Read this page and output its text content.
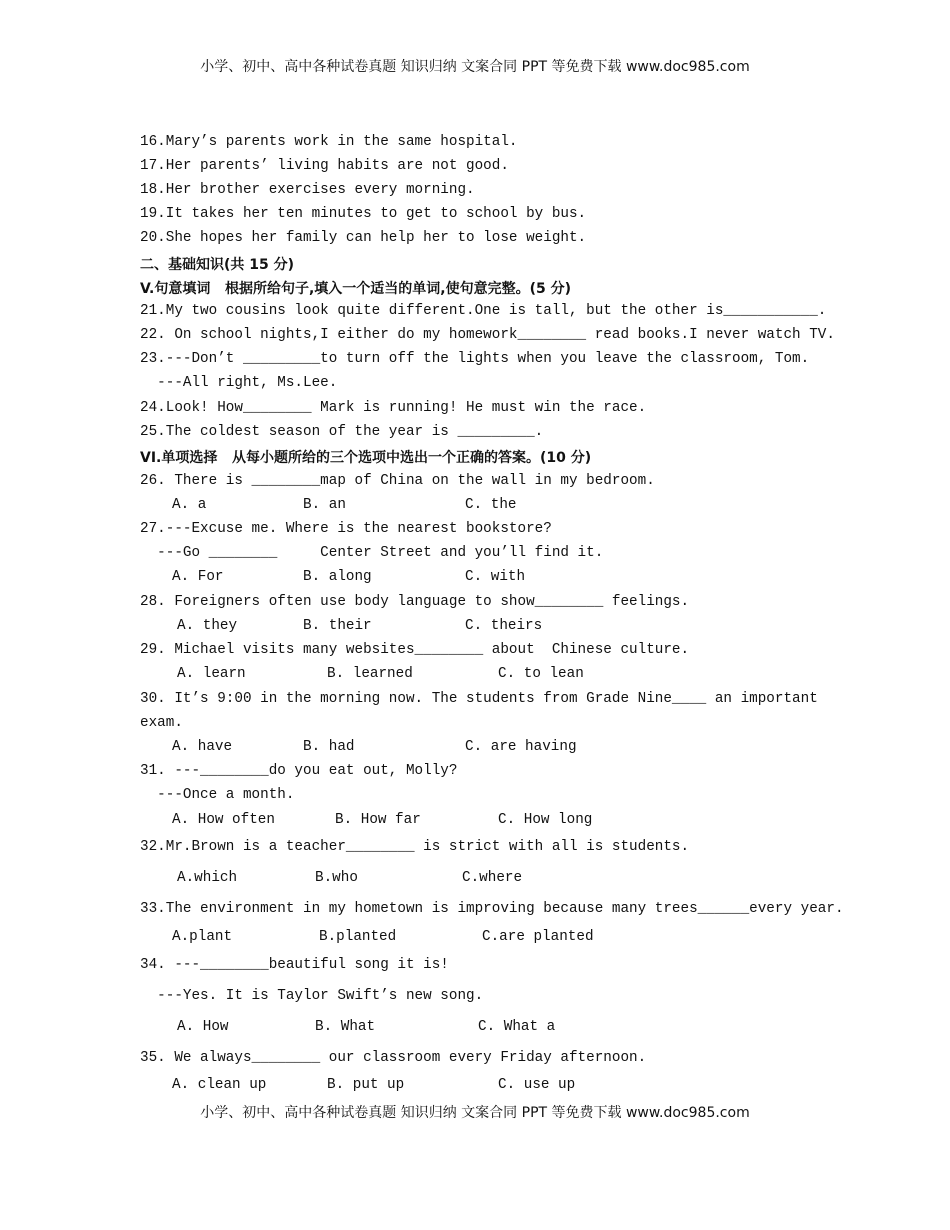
小学、初中、高中各种试卷真题 知识归纳 文案合同 PPT 等免费下载 www.doc985.com
16.Mary’s parents work in the same hospital.
17.Her parents’ living habits are not good.
18.Her brother exercises every morning.
19.It takes her ten minutes to get to school by bus.
20.She hopes her family can help her to lose weight.
二、基础知识(共 15 分)
V.句意填词   根据所给句子,填入一个适当的单词,使句意完整。(5 分)
21.My two cousins look quite different.One is tall, but the other is___________.
22. On school nights,I either do my homework________ read books.I never watch TV.
23.---Don’t _________to turn off the lights when you leave the classroom, Tom.
---All right, Ms.Lee.
24.Look! How________ Mark is running! He must win the race.
25.The coldest season of the year is _________.
VI.单项选择   从每小题所给的三个选项中选出一个正确的答案。(10 分)
26. There is ________map of China on the wall in my bedroom.
A. a	B. an	C. the
27.---Excuse me. Where is the nearest bookstore?
---Go ________     Center Street and you’ll find it.
A. For	B. along	C. with
28. Foreigners often use body language to show________ feelings.
A. they	B. their	C. theirs
29. Michael visits many websites________ about  Chinese culture.
A. learn	B. learned	C. to lean
30. It’s 9:00 in the morning now. The students from Grade Nine____ an important
exam.
A. have	B. had	C. are having
31. ---________do you eat out, Molly?
---Once a month.
A. How often	B. How far	C. How long
32.Mr.Brown is a teacher________ is strict with all is students.
A.which	B.who	C.where
33.The environment in my hometown is improving because many trees______every year.
A.plant	B.planted	C.are planted
34. ---________beautiful song it is!
---Yes. It is Taylor Swift’s new song.
A. How	B. What	C. What a
35. We always________ our classroom every Friday afternoon.
A. clean up	B. put up	C. use up
小学、初中、高中各种试卷真题 知识归纳 文案合同 PPT 等免费下载 www.doc985.com
